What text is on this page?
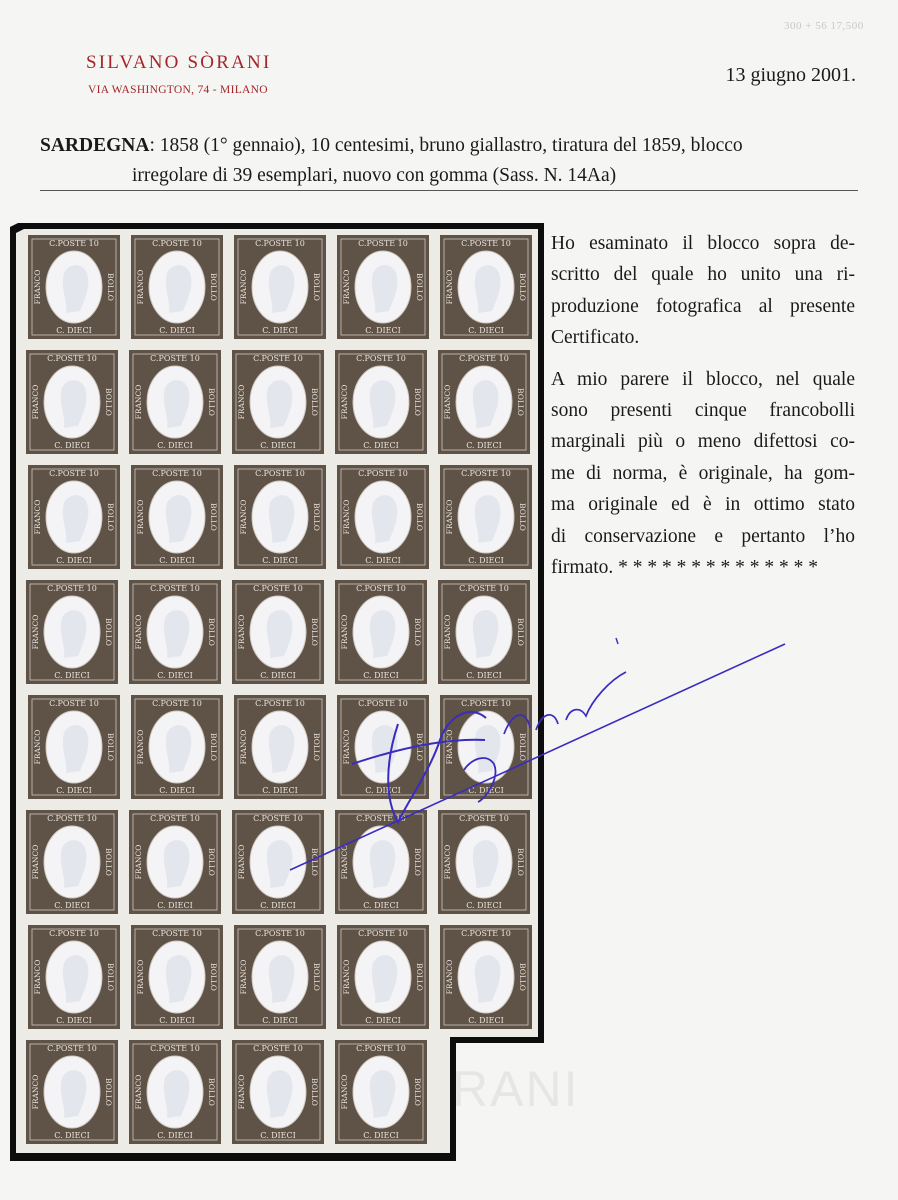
SILVANO SÒRANI
VIA WASHINGTON, 74 - MILANO
300 + 56 17,500
13 giugno 2001.
SARDEGNA: 1858 (1° gennaio), 10 centesimi, bruno giallastro, tiratura del 1859, blocco
irregolare di 39 esemplari, nuovo con gomma (Sass. N. 14Aa)
C.POSTE 10
C. DIECI
FRANCO	BOLLO
C.POSTE 10
C. DIECI
FRANCO	BOLLO
C.POSTE 10
C. DIECI
FRANCO	BOLLO
C.POSTE 10
C. DIECI
FRANCO	BOLLO
C.POSTE 10
C. DIECI
FRANCO	BOLLO
C.POSTE 10
C. DIECI
FRANCO	BOLLO
C.POSTE 10
C. DIECI
FRANCO	BOLLO
C.POSTE 10
C. DIECI
FRANCO	BOLLO
C.POSTE 10
C. DIECI
FRANCO	BOLLO
C.POSTE 10
C. DIECI
FRANCO	BOLLO
C.POSTE 10
C. DIECI
FRANCO	BOLLO
C.POSTE 10
C. DIECI
FRANCO	BOLLO
C.POSTE 10
C. DIECI
FRANCO	BOLLO
C.POSTE 10
C. DIECI
FRANCO	BOLLO
C.POSTE 10
C. DIECI
FRANCO	BOLLO
C.POSTE 10
C. DIECI
FRANCO	BOLLO
C.POSTE 10
C. DIECI
FRANCO	BOLLO
C.POSTE 10
C. DIECI
FRANCO	BOLLO
C.POSTE 10
C. DIECI
FRANCO	BOLLO
C.POSTE 10
C. DIECI
FRANCO	BOLLO
C.POSTE 10
C. DIECI
FRANCO	BOLLO
C.POSTE 10
C. DIECI
FRANCO	BOLLO
C.POSTE 10
C. DIECI
FRANCO	BOLLO
C.POSTE 10
C. DIECI
FRANCO	BOLLO
C.POSTE 10
C. DIECI
FRANCO	BOLLO
C.POSTE 10
C. DIECI
FRANCO	BOLLO
C.POSTE 10
C. DIECI
FRANCO	BOLLO
C.POSTE 10
C. DIECI
FRANCO	BOLLO
C.POSTE 10
C. DIECI
FRANCO	BOLLO
C.POSTE 10
C. DIECI
FRANCO	BOLLO
C.POSTE 10
C. DIECI
FRANCO	BOLLO
C.POSTE 10
C. DIECI
FRANCO	BOLLO
C.POSTE 10
C. DIECI
FRANCO	BOLLO
C.POSTE 10
C. DIECI
FRANCO	BOLLO
C.POSTE 10
C. DIECI
FRANCO	BOLLO
C.POSTE 10
C. DIECI
FRANCO	BOLLO
C.POSTE 10
C. DIECI
FRANCO	BOLLO
C.POSTE 10
C. DIECI
FRANCO	BOLLO
C.POSTE 10
C. DIECI
FRANCO	BOLLO

Ho esaminato il blocco sopra de-
scritto del quale ho unito una ri-
produzione fotografica al presente
Certificato.

A mio parere il blocco, nel quale
sono presenti cinque francobolli
marginali più o meno difettosi co-
me di norma, è originale, ha gom-
ma originale ed è in ottimo stato
di conservazione e pertanto l’ho
firmato. * * * * * * * * * * * * * *

RANI
